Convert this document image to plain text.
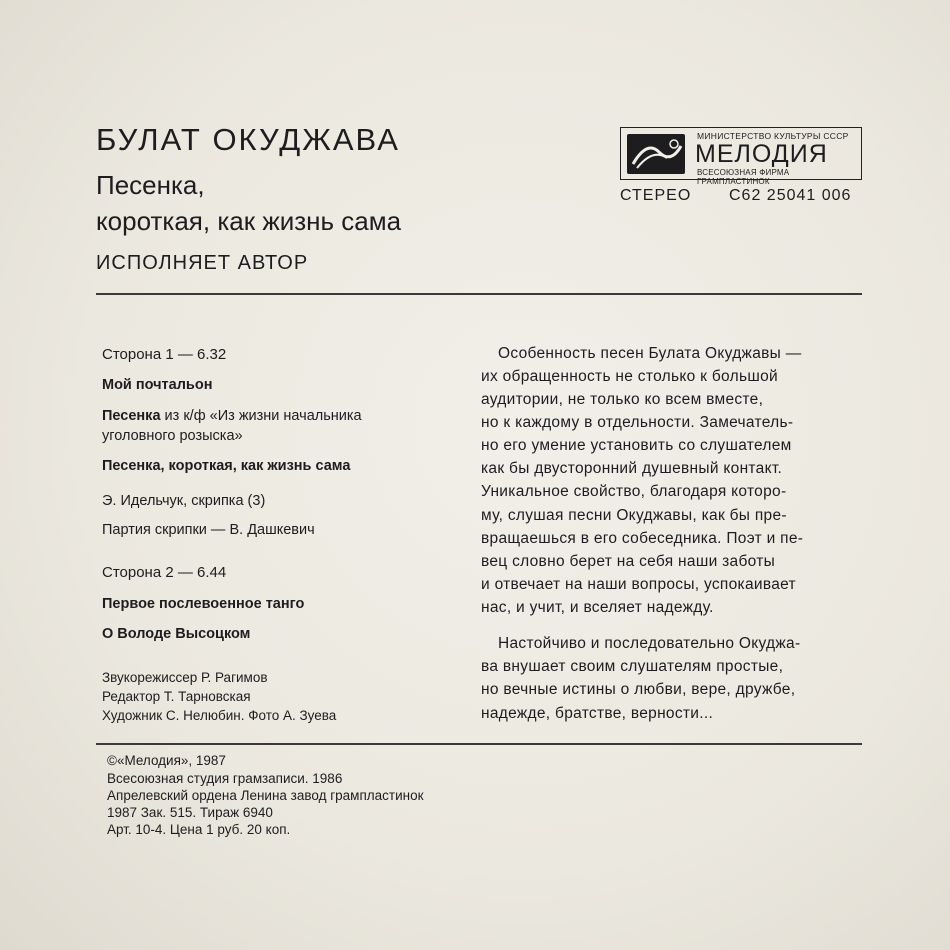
БУЛАТ ОКУДЖАВА
Песенка,
короткая, как жизнь сама
ИСПОЛНЯЕТ АВТОР
МИНИСТЕРСТВО КУЛЬТУРЫ СССР
МЕЛОДИЯ
ВСЕСОЮЗНАЯ ФИРМА ГРАМПЛАСТИНОК
СТЕРЕО С62 25041 006
Сторона 1 — 6.32
Мой почтальон
Песенка из к/ф «Из жизни начальника
уголовного розыска»
Песенка, короткая, как жизнь сама
Э. Идельчук, скрипка (3)
Партия скрипки — В. Дашкевич
Сторона 2 — 6.44
Первое послевоенное танго
О Володе Высоцком
Звукорежиссер Р. Рагимов
Редактор Т. Тарновская
Художник С. Нелюбин. Фото А. Зуева
Особенность песен Булата Окуджавы —
их обращенность не столько к большой
аудитории, не только ко всем вместе,
но к каждому в отдельности. Замечатель-
но его умение установить со слушателем
как бы двусторонний душевный контакт.
Уникальное свойство, благодаря которо-
му, слушая песни Окуджавы, как бы пре-
вращаешься в его собеседника. Поэт и пе-
вец словно берет на себя наши заботы
и отвечает на наши вопросы, успокаивает
нас, и учит, и вселяет надежду.
Настойчиво и последовательно Окуджа-
ва внушает своим слушателям простые,
но вечные истины о любви, вере, дружбе,
надежде, братстве, верности...
©«Мелодия», 1987
Всесоюзная студия грамзаписи. 1986
Апрелевский ордена Ленина завод грампластинок
1987 Зак. 515. Тираж 6940
Арт. 10-4. Цена 1 руб. 20 коп.
